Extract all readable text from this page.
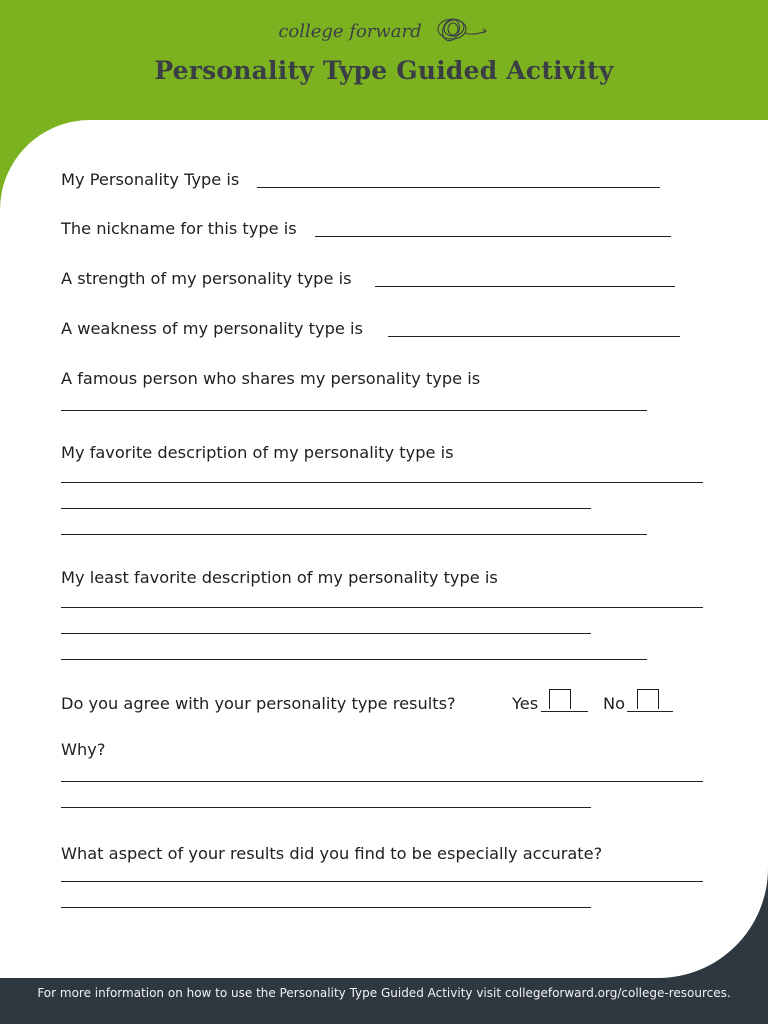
college forward
Personality Type Guided Activity
My Personality Type is
The nickname for this type is
A strength of my personality type is
A weakness of my personality type is
A famous person who shares my personality type is
My favorite description of my personality type is
My least favorite description of my personality type is
Do you agree with your personality type results?	Yes	No
Why?
What aspect of your results did you find to be especially accurate?
For more information on how to use the Personality Type Guided Activity visit collegeforward.org/college-resources.
